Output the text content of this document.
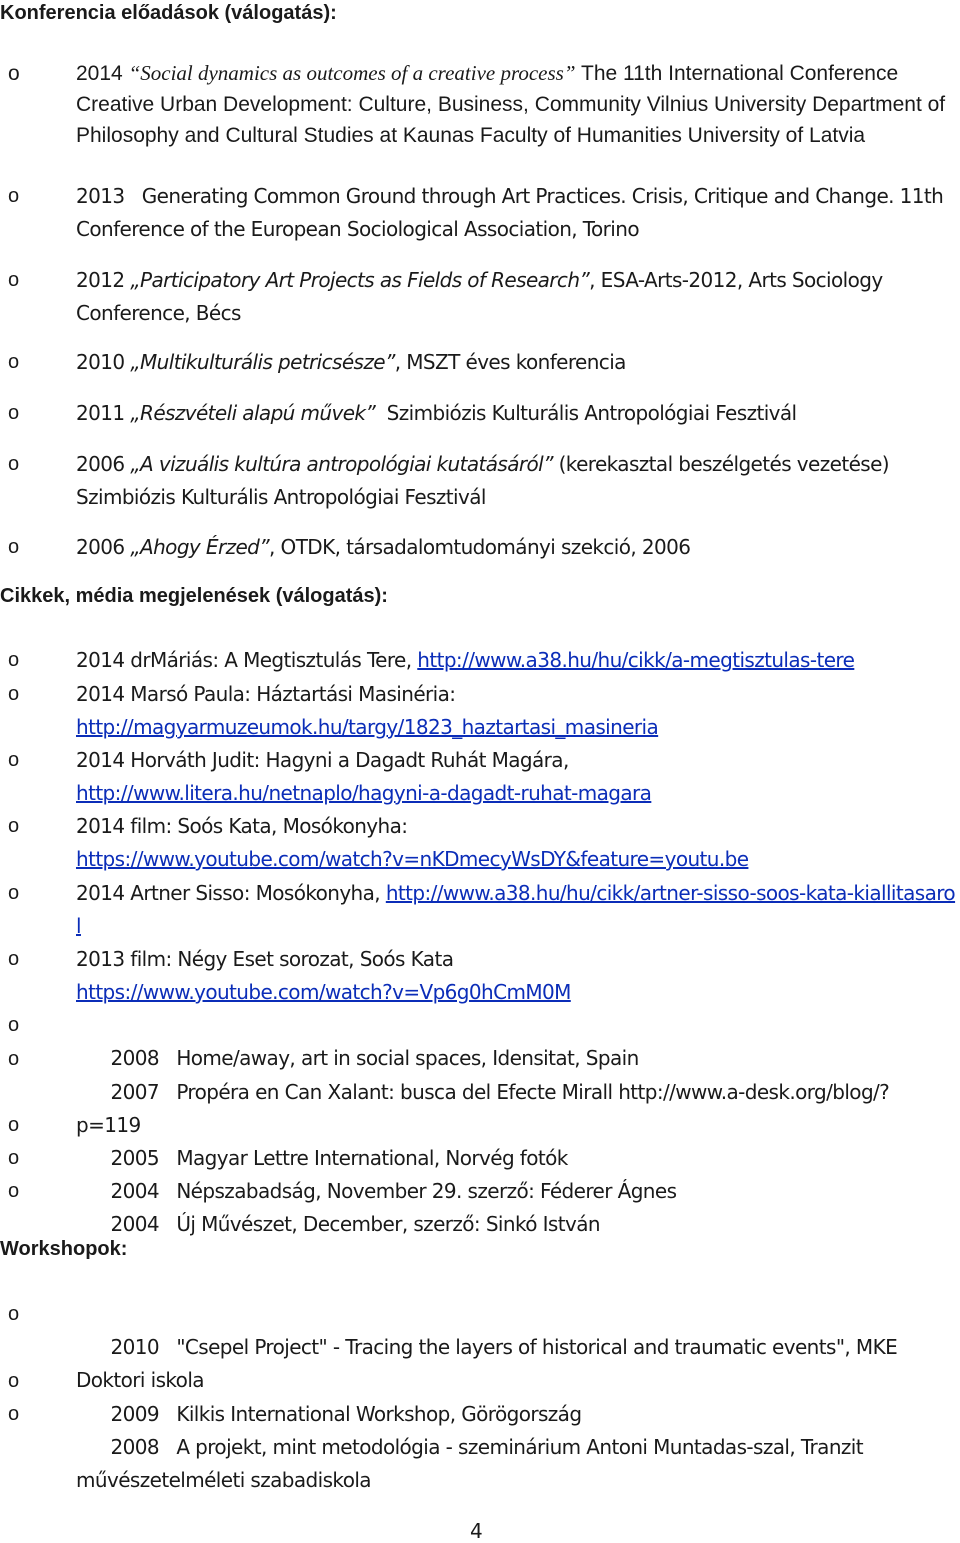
Konferencia előadások (válogatás):
o	2014 “Social dynamics as outcomes of a creative process” The 11th International Conference Creative Urban Development: Culture, Business, Community Vilnius University Department of Philosophy and Cultural Studies at Kaunas Faculty of Humanities University of Latvia
o	2013   Generating Common Ground through Art Practices. Crisis, Critique and Change. 11th Conference of the European Sociological Association, Torino
o	2012 „Participatory Art Projects as Fields of Research”, ESA-Arts-2012, Arts Sociology Conference, Bécs
o	2010 „Multikulturális petricsésze”, MSZT éves konferencia
o	2011 „Részvételi alapú művek”  Szimbiózis Kulturális Antropológiai Fesztivál
o	2006 „A vizuális kultúra antropológiai kutatásáról” (kerekasztal beszélgetés vezetése) Szimbiózis Kulturális Antropológiai Fesztivál
o	2006 „Ahogy Érzed”, OTDK, társadalomtudományi szekció, 2006
Cikkek, média megjelenések (válogatás):
o	2014 drMáriás: A Megtisztulás Tere, http://www.a38.hu/hu/cikk/a-megtisztulas-tere
o	2014 Marsó Paula: Háztartási Masinéria:
http://magyarmuzeumok.hu/targy/1823_haztartasi_masineria
o	2014 Horváth Judit: Hagyni a Dagadt Ruhát Magára,
http://www.litera.hu/netnaplo/hagyni-a-dagadt-ruhat-magara
o	2014 film: Soós Kata, Mosókonyha:
https://www.youtube.com/watch?v=nKDmecyWsDY&feature=youtu.be
o	2014 Artner Sisso: Mosókonyha, http://www.a38.hu/hu/cikk/artner-sisso-soos-kata-kiallitasarol
o	2013 film: Négy Eset sorozat, Soós Kata
https://www.youtube.com/watch?v=Vp6g0hCmM0M

o
2008   Home/away, art in social spaces, Idensitat, Spain

o
2007   Propéra en Can Xalant: busca del Efecte Mirall http://www.a-desk.org/blog/?p=119

o
2005   Magyar Lettre International, Norvég fotók

o
2004   Népszabadság, November 29. szerző: Féderer Ágnes

o
2004   Új Művészet, December, szerző: Sinkó István

Workshopok:

o
2010   "Csepel Project" - Tracing the layers of historical and traumatic events", MKE Doktori iskola

o
2009   Kilkis International Workshop, Görögország

o
2008   A projekt, mint metodológia - szeminárium Antoni Muntadas-szal, Tranzit művészetelméleti szabadiskola

4
